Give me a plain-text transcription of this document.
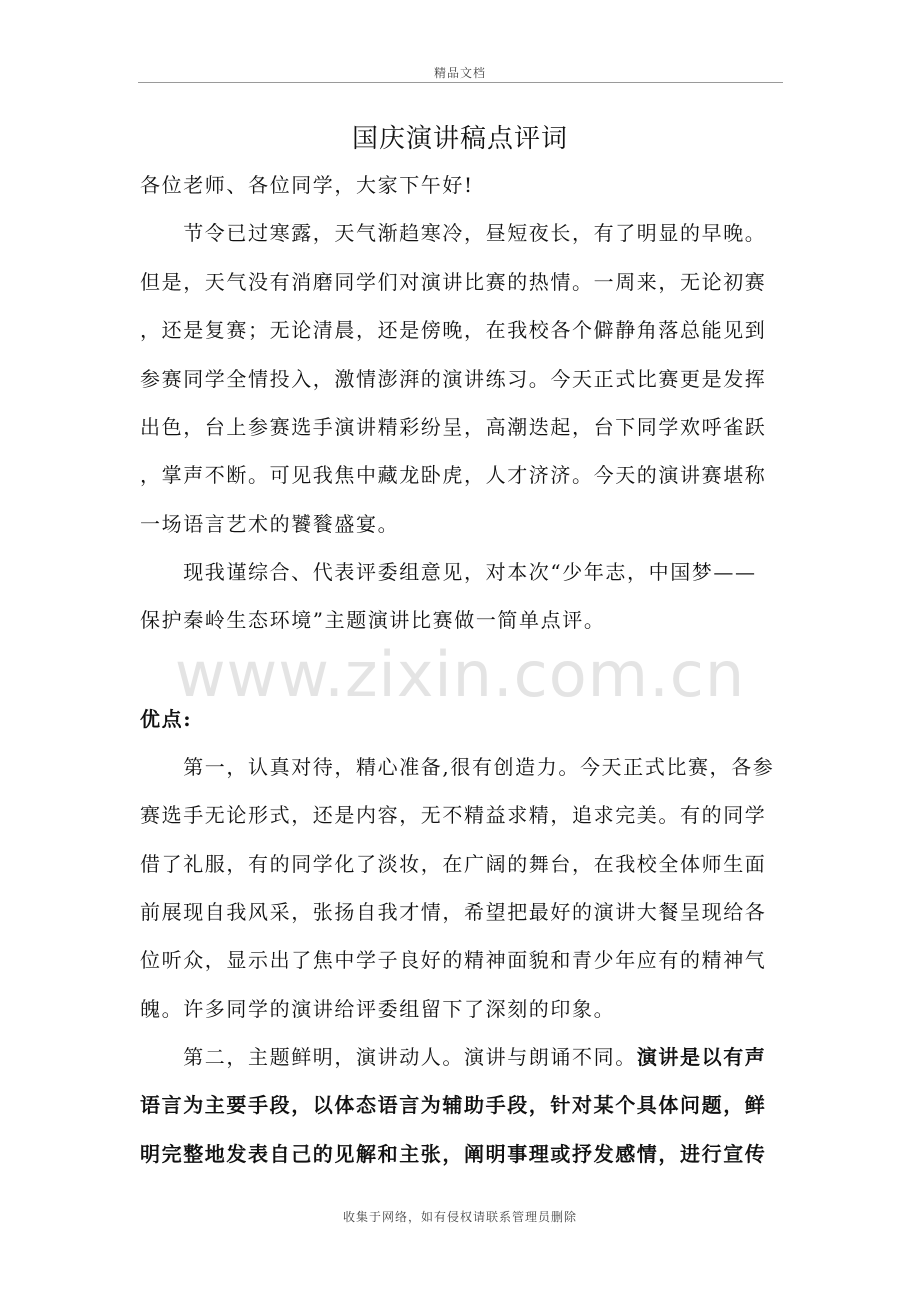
精品文档
www.zixin.com.cn
国庆演讲稿点评词
各位老师、各位同学，大家下午好!
　　节令已过寒露，天气渐趋寒冷，昼短夜长，有了明显的早晚。
但是，天气没有消磨同学们对演讲比赛的热情。一周来，无论初赛
，还是复赛；无论清晨，还是傍晚，在我校各个僻静角落总能见到
参赛同学全情投入，激情澎湃的演讲练习。今天正式比赛更是发挥
出色，台上参赛选手演讲精彩纷呈，高潮迭起，台下同学欢呼雀跃
，掌声不断。可见我焦中藏龙卧虎，人才济济。今天的演讲赛堪称
一场语言艺术的饕餮盛宴。
　　现我谨综合、代表评委组意见，对本次“少年志，中国梦——
保护秦岭生态环境”主题演讲比赛做一简单点评。
优点:
　　第一，认真对待，精心准备,很有创造力。今天正式比赛，各参
赛选手无论形式，还是内容，无不精益求精，追求完美。有的同学
借了礼服，有的同学化了淡妆，在广阔的舞台，在我校全体师生面
前展现自我风采，张扬自我才情，希望把最好的演讲大餐呈现给各
位听众，显示出了焦中学子良好的精神面貌和青少年应有的精神气
魄。许多同学的演讲给评委组留下了深刻的印象。
　　第二，主题鲜明，演讲动人。演讲与朗诵不同。演讲是以有声
语言为主要手段，以体态语言为辅助手段，针对某个具体问题，鲜
明完整地发表自己的见解和主张，阐明事理或抒发感情，进行宣传
收集于网络，如有侵权请联系管理员删除
